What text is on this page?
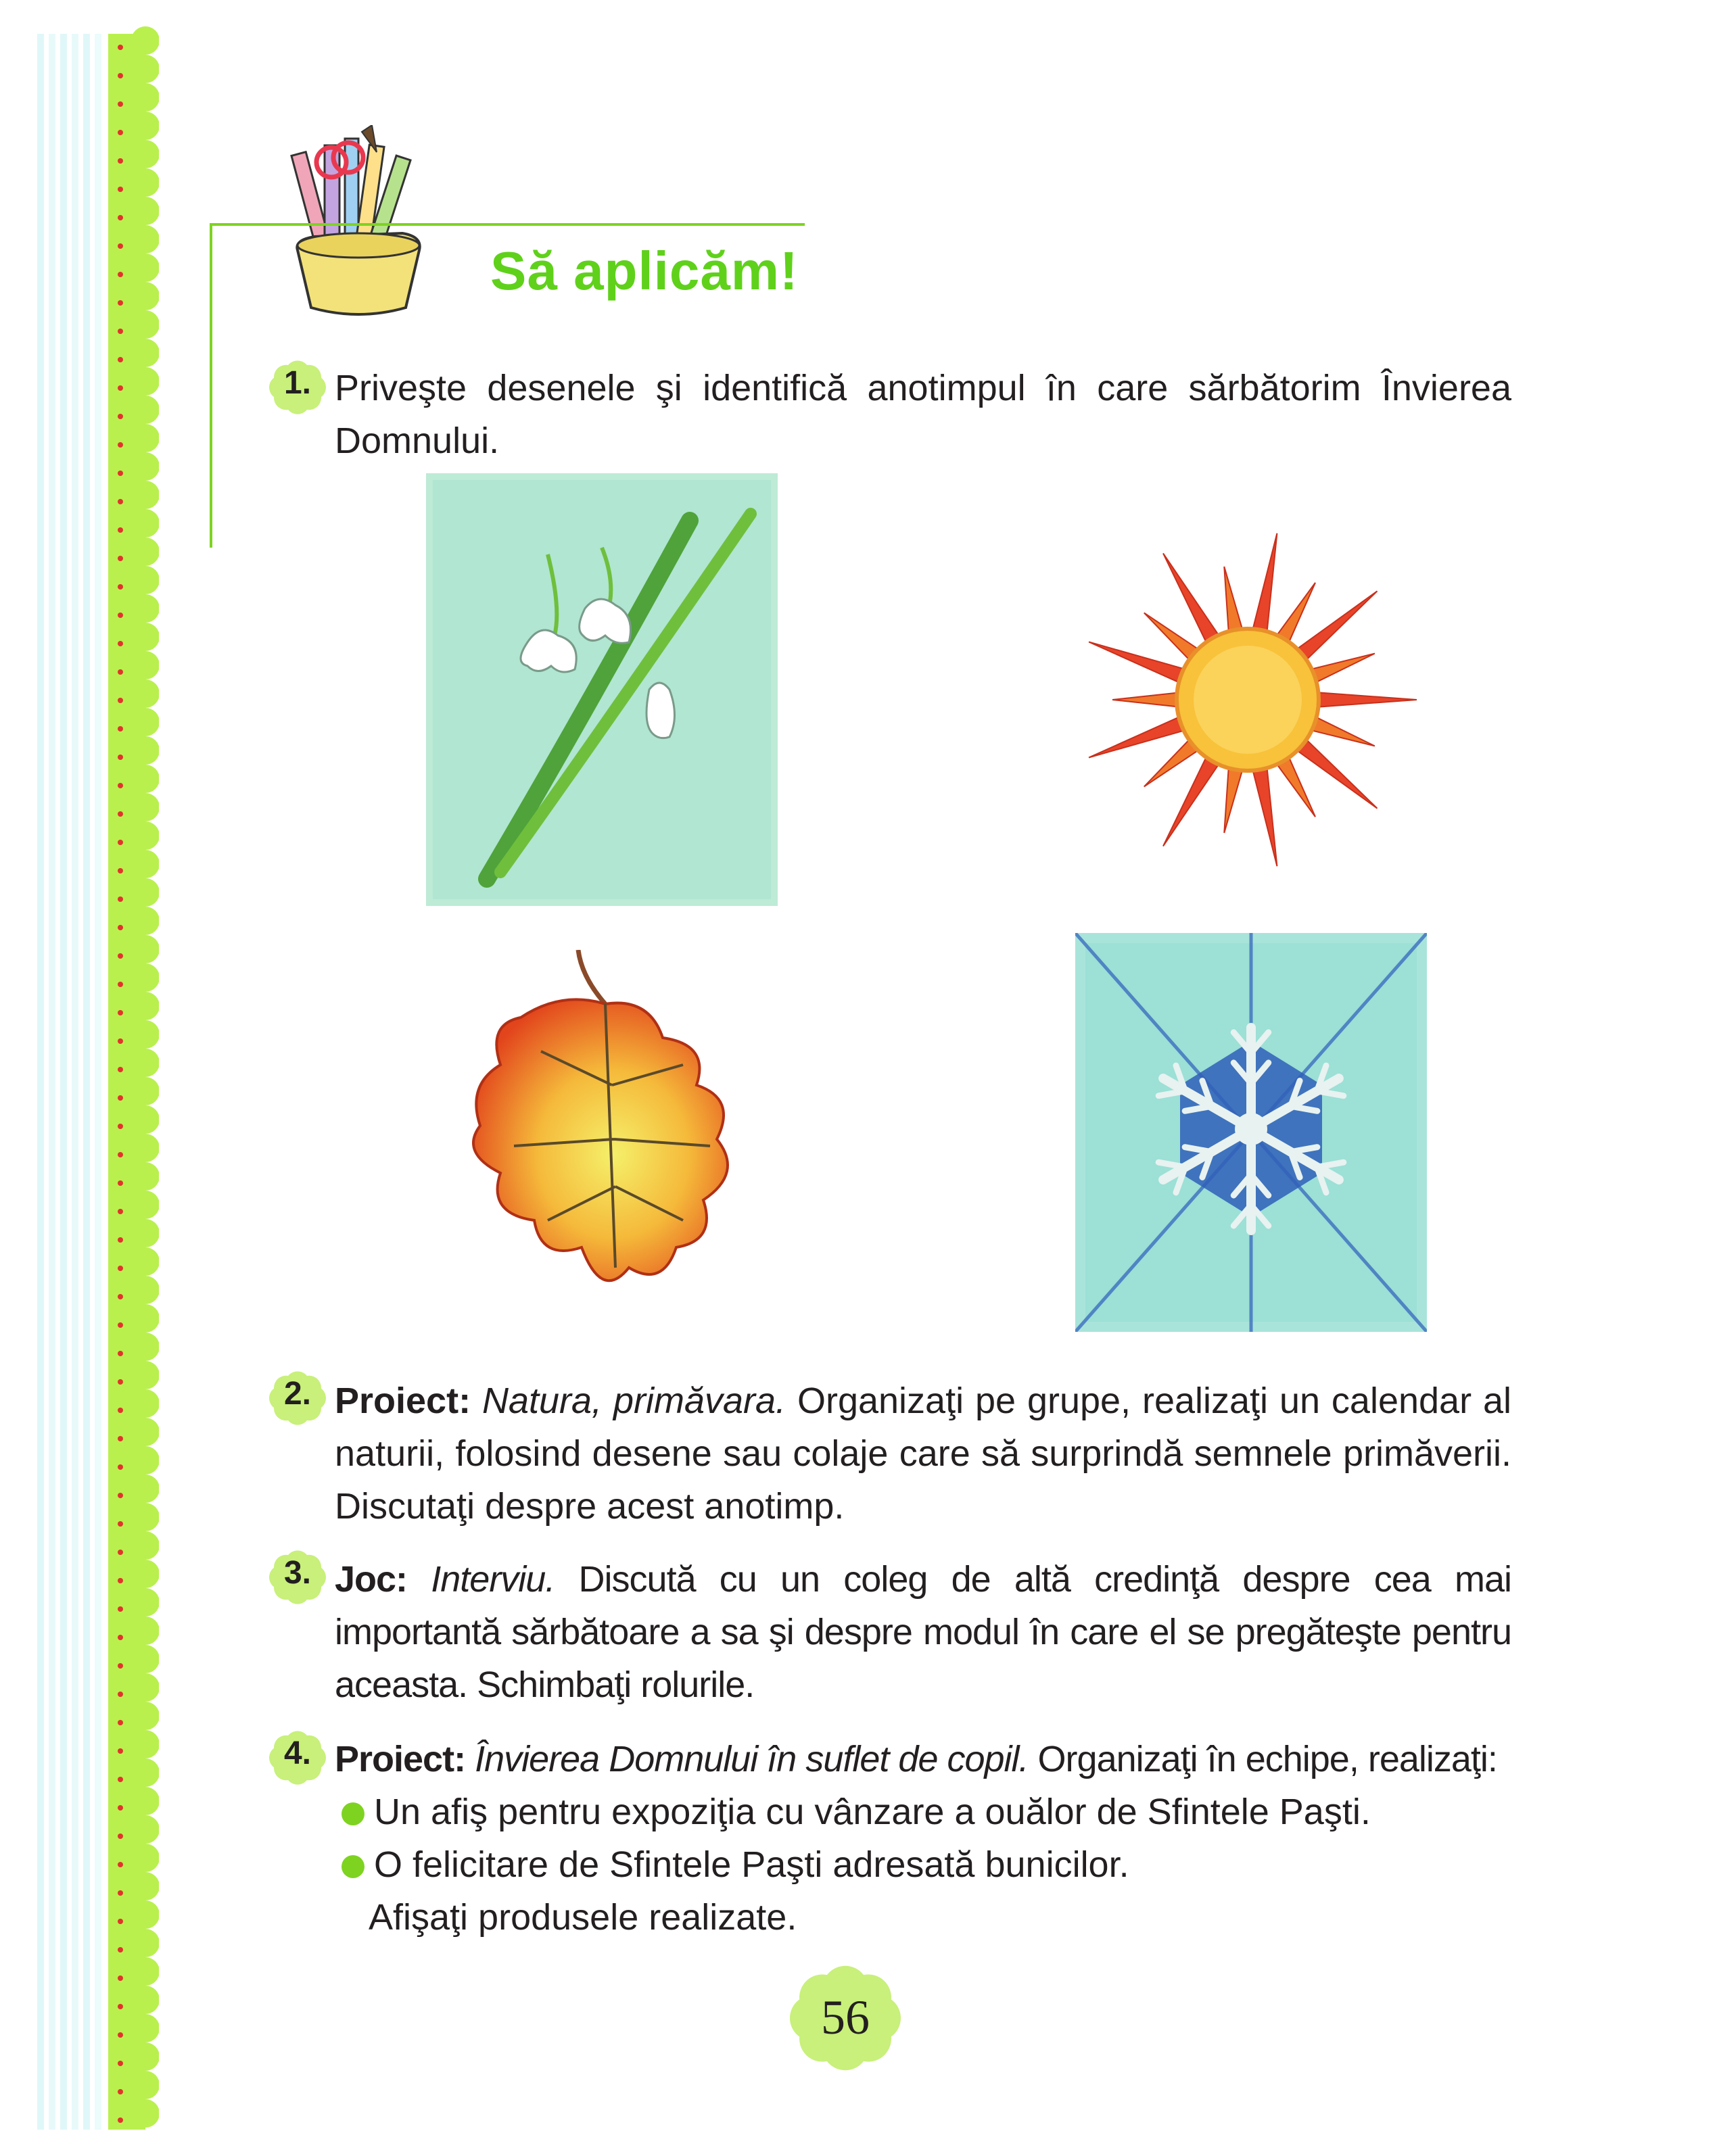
Să aplicăm!
1. Priveşte desenele şi identifică anotimpul în care sărbătorim Învierea Domnului.
2. Proiect: Natura, primăvara. Organizaţi pe grupe, realizaţi un calendar al naturii, folosind desene sau colaje care să surprindă semnele primăverii. Discutaţi despre acest anotimp.
3. Joc: Interviu. Discută cu un coleg de altă credinţă despre cea mai importantă sărbătoare a sa şi despre modul în care el se pregăteşte pentru aceasta. Schimbaţi rolurile.
4. Proiect: Învierea Domnului în suflet de copil. Organizaţi în echipe, realizaţi:
Un afiş pentru expoziţia cu vânzare a ouălor de Sfintele Paşti.
O felicitare de Sfintele Paşti adresată bunicilor.
Afişaţi produsele realizate.
56
